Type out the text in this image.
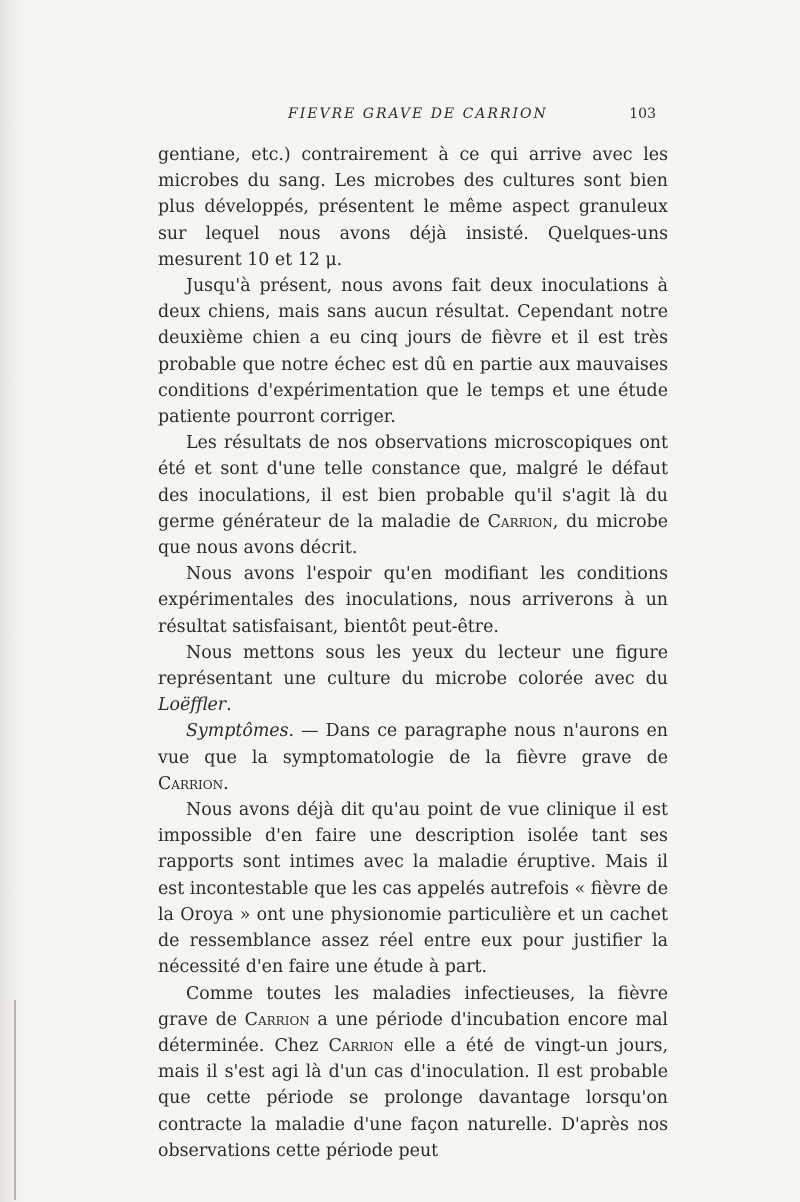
FIEVRE GRAVE DE CARRION	103

gentiane, etc.) contrairement à ce qui arrive avec les microbes du sang. Les microbes des cultures sont bien plus développés, présentent le même aspect granuleux sur lequel nous avons déjà insisté. Quelques-uns mesurent 10 et 12 μ.

Jusqu'à présent, nous avons fait deux inoculations à deux chiens, mais sans aucun résultat. Cependant notre deuxième chien a eu cinq jours de fièvre et il est très probable que notre échec est dû en partie aux mauvaises conditions d'expérimentation que le temps et une étude patiente pourront corriger.

Les résultats de nos observations microscopiques ont été et sont d'une telle constance que, malgré le défaut des inoculations, il est bien probable qu'il s'agit là du germe générateur de la maladie de Carrion, du microbe que nous avons décrit.

Nous avons l'espoir qu'en modifiant les conditions expérimentales des inoculations, nous arriverons à un résultat satisfaisant, bientôt peut-être.

Nous mettons sous les yeux du lecteur une figure représentant une culture du microbe colorée avec du Loëffler.

Symptômes. — Dans ce paragraphe nous n'aurons en vue que la symptomatologie de la fièvre grave de Carrion.

Nous avons déjà dit qu'au point de vue clinique il est impossible d'en faire une description isolée tant ses rapports sont intimes avec la maladie éruptive. Mais il est incontestable que les cas appelés autrefois « fièvre de la Oroya » ont une physionomie particulière et un cachet de ressemblance assez réel entre eux pour justifier la nécessité d'en faire une étude à part.

Comme toutes les maladies infectieuses, la fièvre grave de Carrion a une période d'incubation encore mal déterminée. Chez Carrion elle a été de vingt-un jours, mais il s'est agi là d'un cas d'inoculation. Il est probable que cette période se prolonge davantage lorsqu'on contracte la maladie d'une façon naturelle. D'après nos observations cette période peut
